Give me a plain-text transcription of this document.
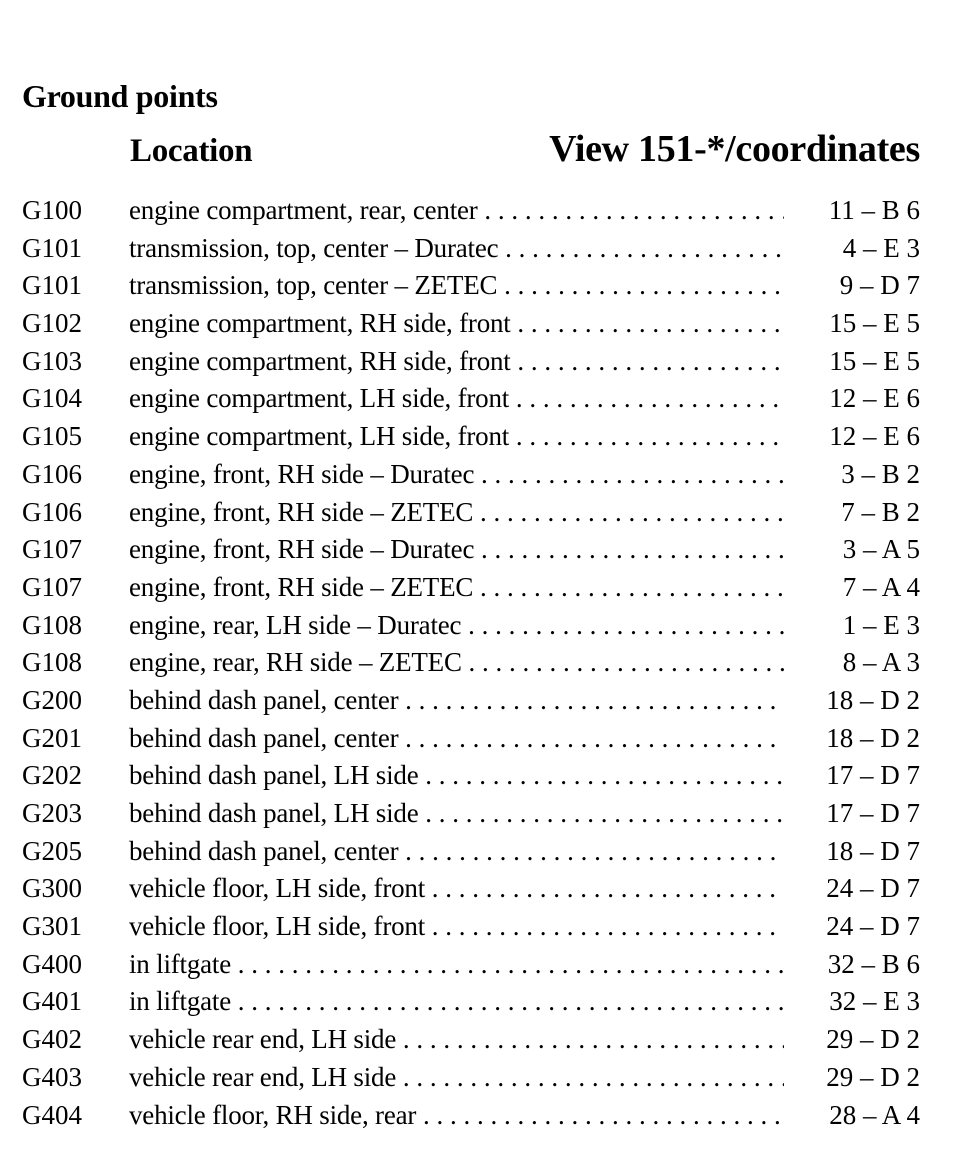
Ground points
Location	View 151-*/coordinates
G100 engine compartment, rear, center . . .	11 – B 6
G101 transmission, top, center – Duratec . . .	4 – E 3
G101 transmission, top, center – ZETEC . . .	9 – D 7
G102 engine compartment, RH side, front . . .	15 – E 5
G103 engine compartment, RH side, front . . .	15 – E 5
G104 engine compartment, LH side, front . . .	12 – E 6
G105 engine compartment, LH side, front . . .	12 – E 6
G106 engine, front, RH side – Duratec . . .	3 – B 2
G106 engine, front, RH side – ZETEC . . .	7 – B 2
G107 engine, front, RH side – Duratec . . .	3 – A 5
G107 engine, front, RH side – ZETEC . . .	7 – A 4
G108 engine, rear, LH side – Duratec . . .	1 – E 3
G108 engine, rear, RH side – ZETEC . . .	8 – A 3
G200 behind dash panel, center . . .	18 – D 2
G201 behind dash panel, center . . .	18 – D 2
G202 behind dash panel, LH side . . .	17 – D 7
G203 behind dash panel, LH side . . .	17 – D 7
G205 behind dash panel, center . . .	18 – D 7
G300 vehicle floor, LH side, front . . .	24 – D 7
G301 vehicle floor, LH side, front . . .	24 – D 7
G400 in liftgate . . .	32 – B 6
G401 in liftgate . . .	32 – E 3
G402 vehicle rear end, LH side . . .	29 – D 2
G403 vehicle rear end, LH side . . .	29 – D 2
G404 vehicle floor, RH side, rear . . .	28 – A 4
